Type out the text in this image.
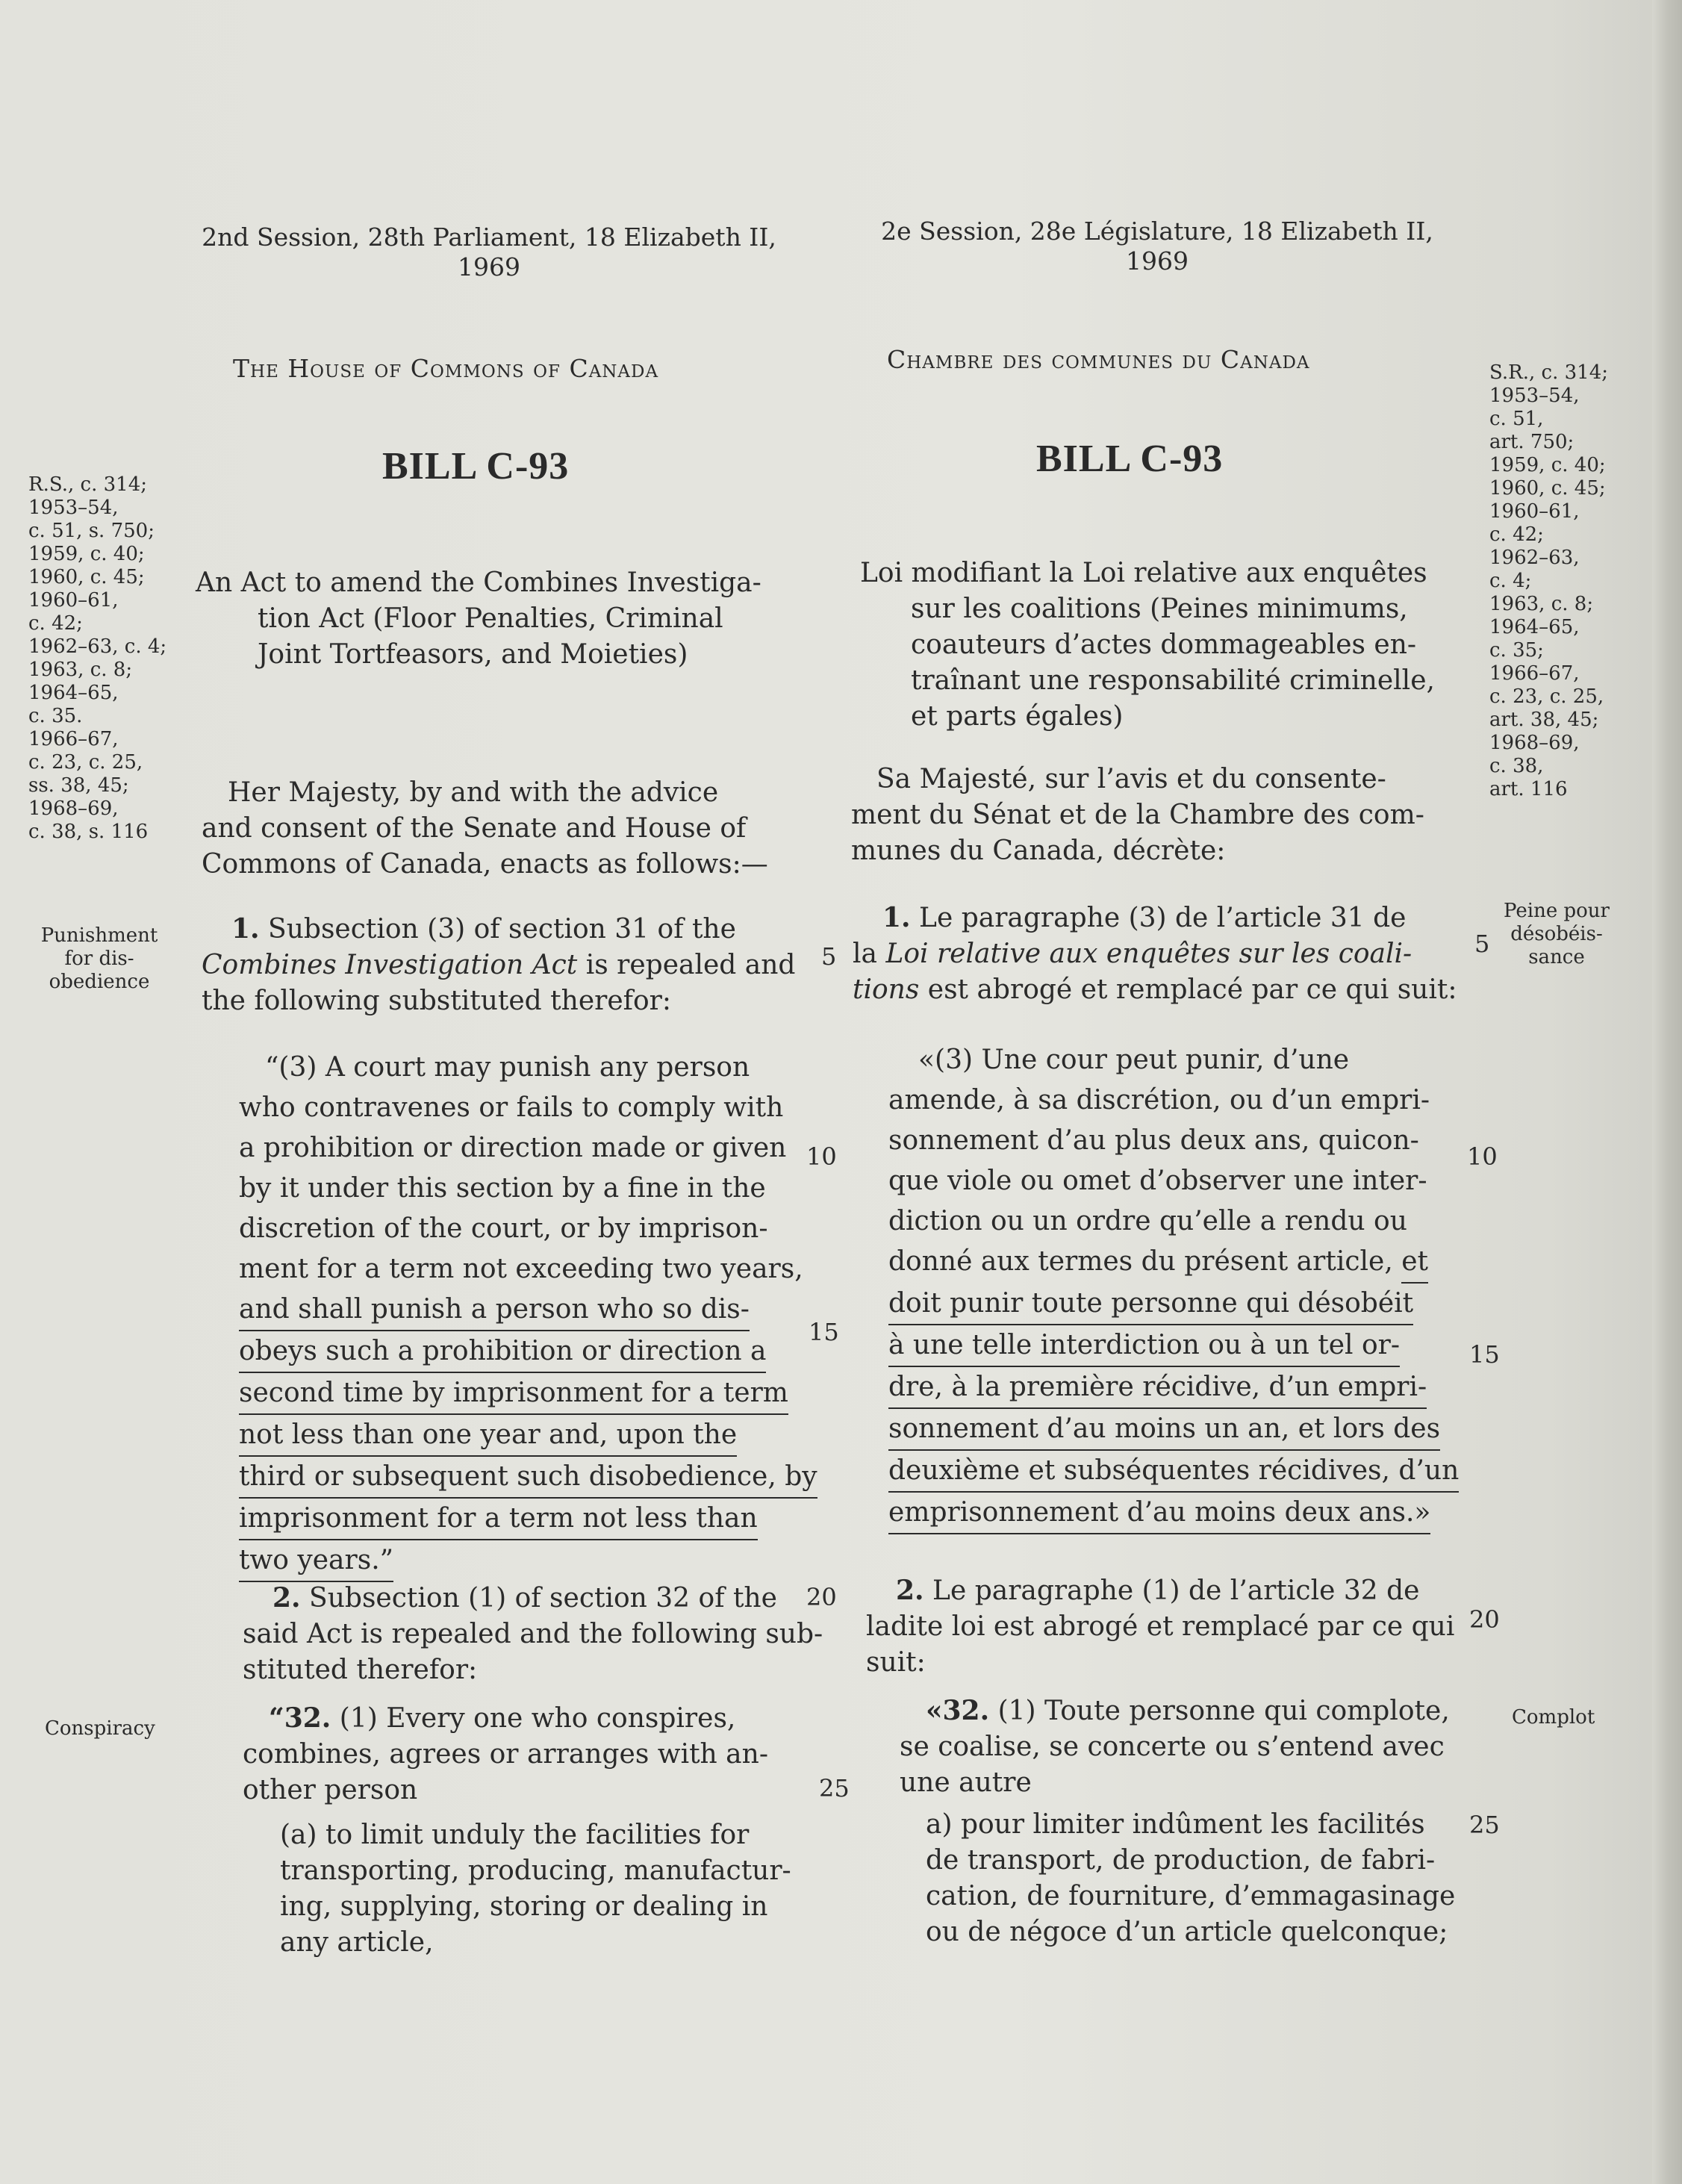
2nd Session, 28th Parliament, 18 Elizabeth II,
1969
2e Session, 28e Législature, 18 Elizabeth II,
1969
The House of Commons of Canada	Chambre des communes du Canada
BILL C-93	BILL C-93
R.S., c. 314;
1953–54,
c. 51, s. 750;
1959, c. 40;
1960, c. 45;
1960–61,
c. 42;
1962–63, c. 4;
1963, c. 8;
1964–65,
c. 35.
1966–67,
c. 23, c. 25,
ss. 38, 45;
1968–69,
c. 38, s. 116
Punishment
for dis-
obedience
Conspiracy
S.R., c. 314;
1953–54,
c. 51,
art. 750;
1959, c. 40;
1960, c. 45;
1960–61,
c. 42;
1962–63,
c. 4;
1963, c. 8;
1964–65,
c. 35;
1966–67,
c. 23, c. 25,
art. 38, 45;
1968–69,
c. 38,
art. 116
Peine pour
désobéis-
sance
Complot
An Act to amend the Combines Investiga-
tion Act (Floor Penalties, Criminal
Joint Tortfeasors, and Moieties)
Loi modifiant la Loi relative aux enquêtes
sur les coalitions (Peines minimums,
coauteurs d’actes dommageables en-
traînant une responsabilité criminelle,
et parts égales)
Her Majesty, by and with the advice
and consent of the Senate and House of
Commons of Canada, enacts as follows:—
Sa Majesté, sur l’avis et du consente-
ment du Sénat et de la Chambre des com-
munes du Canada, décrète:
1. Subsection (3) of section 31 of the
Combines Investigation Act is repealed and
the following substituted therefor:
1. Le paragraphe (3) de l’article 31 de
la Loi relative aux enquêtes sur les coali-
tions est abrogé et remplacé par ce qui suit:
“(3) A court may punish any person
who contravenes or fails to comply with
a prohibition or direction made or given
by it under this section by a fine in the
discretion of the court, or by imprison-
ment for a term not exceeding two years,
and shall punish a person who so dis-
obeys such a prohibition or direction a
second time by imprisonment for a term
not less than one year and, upon the
third or subsequent such disobedience, by
imprisonment for a term not less than
two years.”
«(3) Une cour peut punir, d’une
amende, à sa discrétion, ou d’un empri-
sonnement d’au plus deux ans, quicon-
que viole ou omet d’observer une inter-
diction ou un ordre qu’elle a rendu ou
donné aux termes du présent article, et
doit punir toute personne qui désobéit
à une telle interdiction ou à un tel or-
dre, à la première récidive, d’un empri-
sonnement d’au moins un an, et lors des
deuxième et subséquentes récidives, d’un
emprisonnement d’au moins deux ans.»
2. Subsection (1) of section 32 of the
said Act is repealed and the following sub-
stituted therefor:
2. Le paragraphe (1) de l’article 32 de
ladite loi est abrogé et remplacé par ce qui
suit:
“32. (1) Every one who conspires,
combines, agrees or arranges with an-
other person
«32. (1) Toute personne qui complote,
se coalise, se concerte ou s’entend avec
une autre
(a) to limit unduly the facilities for
transporting, producing, manufactur-
ing, supplying, storing or dealing in
any article,
a) pour limiter indûment les facilités
de transport, de production, de fabri-
cation, de fourniture, d’emmagasinage
ou de négoce d’un article quelconque;
5
10
15
20
25
5
10
15
20
25
